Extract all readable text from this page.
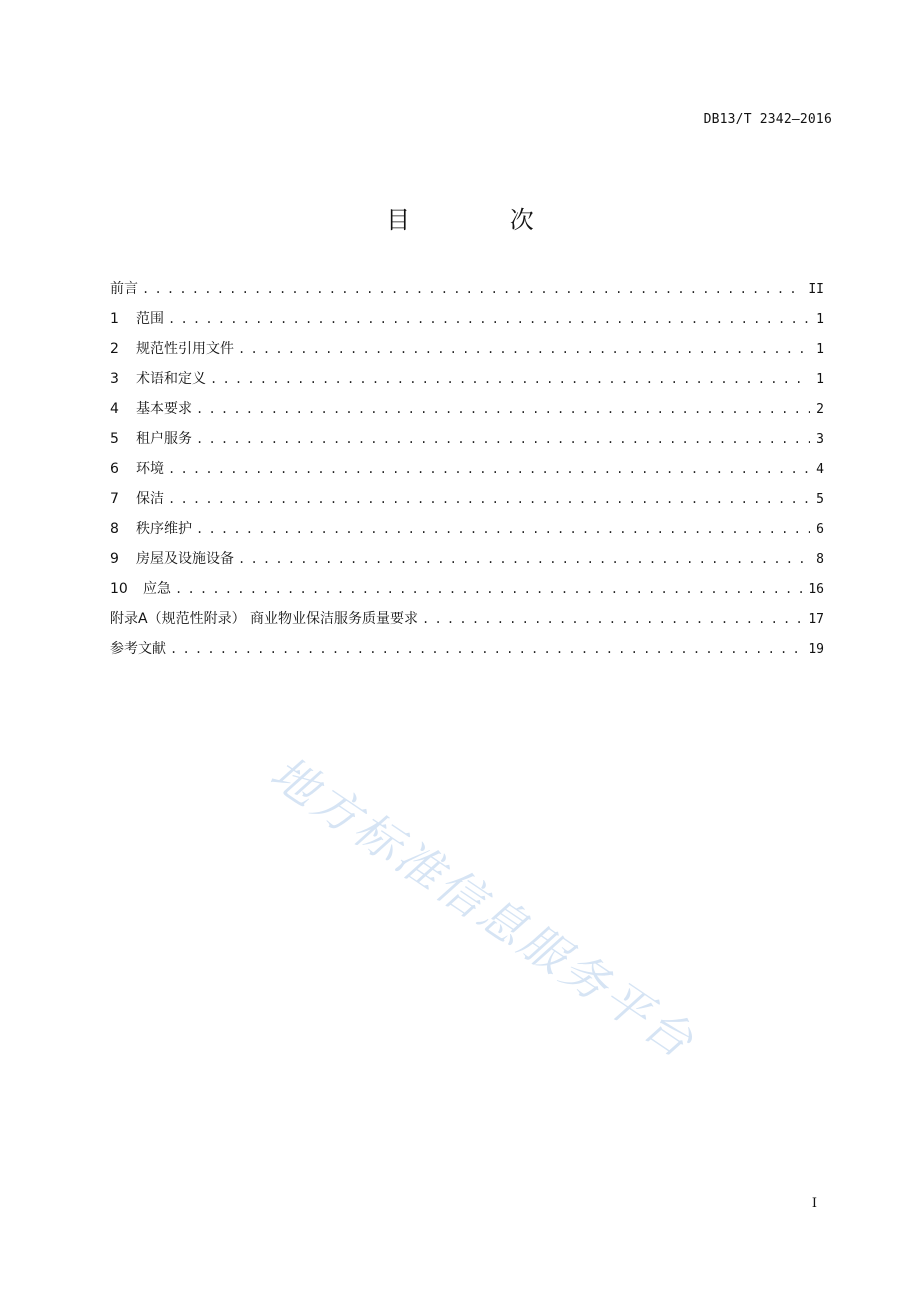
DB13/T 2342—2016
目 次
前言 . . .	II
1	范围 . . .	1
2	规范性引用文件 . . .	1
3	术语和定义 . . .	1
4	基本要求 . . .	2
5	租户服务 . . .	3
6	环境 . . .	4
7	保洁 . . .	5
8	秩序维护 . . .	6
9	房屋及设施设备 . . .	8
10	应急 . . .	16
附录A（规范性附录） 商业物业保洁服务质量要求 . . .	17
参考文献 . . .	19
地方标准信息服务平台
I
